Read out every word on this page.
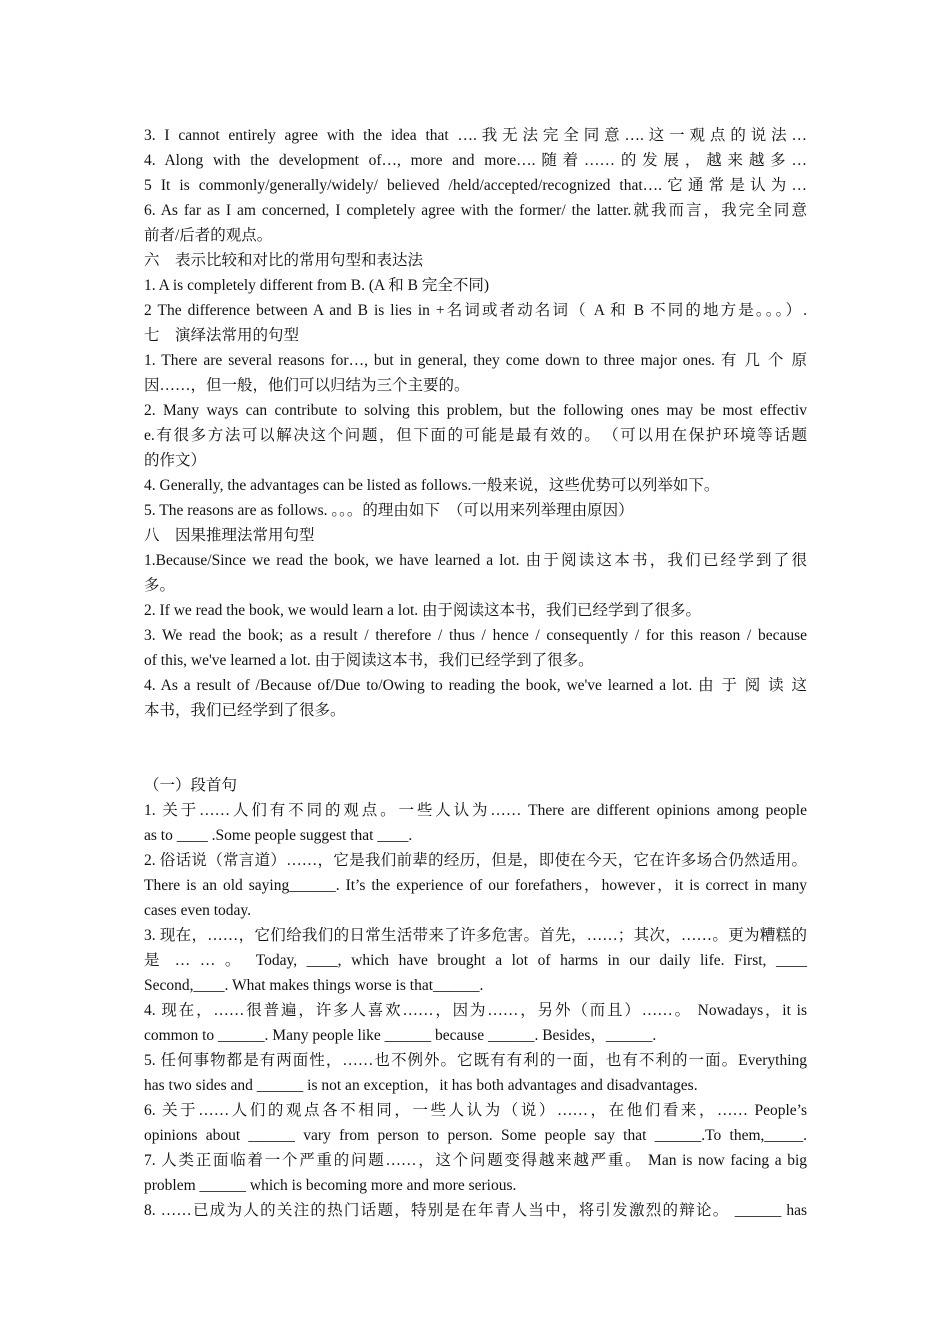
3. I cannot entirely agree with the idea that ….我无法完全同意….这一观点的说法…
4. Along with the development of…, more and more….随着……的发展，越来越多…
5 It is commonly/generally/widely/ believed /held/accepted/recognized that….它通常是认为…
6. As far as I am concerned, I completely agree with the former/ the latter.就我而言，我完全同意
前者/后者的观点。
六　表示比较和对比的常用句型和表达法
1. A is completely different from B. (A 和 B 完全不同)
2 The difference between A and B is lies in +名词或者动名词（ A 和 B 不同的地方是。。。）.
七　演绎法常用的句型
1. There are several reasons for…, but in general, they come down to three major ones. 有 几 个 原
因……，但一般，他们可以归结为三个主要的。
2. Many ways can contribute to solving this problem, but the following ones may be most effectiv
e.有很多方法可以解决这个问题，但下面的可能是最有效的。　（可以用在保护环境等话题
的作文）
4. Generally, the advantages can be listed as follows.一般来说，这些优势可以列举如下。
5. The reasons are as follows. 。。。的理由如下　（可以用来列举理由原因）
八　因果推理法常用句型
1.Because/Since we read the book, we have learned a lot. 由于阅读这本书，我们已经学到了很
多。
2. If we read the book, we would learn a lot. 由于阅读这本书，我们已经学到了很多。
3. We read the book; as a result / therefore / thus / hence / consequently / for this reason / because
of this, we've learned a lot. 由于阅读这本书，我们已经学到了很多。
4. As a result of /Because of/Due to/Owing to reading the book, we've learned a lot. 由 于 阅 读 这
本书，我们已经学到了很多。
（一）段首句
1. 关于……人们有不同的观点。一些人认为…… There are different opinions among people
as to ____ .Some people suggest that ____.
2. 俗话说（常言道）……，它是我们前辈的经历，但是，即使在今天，它在许多场合仍然适用。
There is an old saying______. It’s the experience of our forefathers，however，it is correct in many
cases even today.
3. 现在，……，它们给我们的日常生活带来了许多危害。首先，……；其次，……。更为糟糕的
是 … … 。 Today, ____, which have brought a lot of harms in our daily life. First, ____
Second,____. What makes things worse is that______.
4. 现在，……很普遍，许多人喜欢……，因为……，另外（而且）……。 Nowadays，it is
common to ______. Many people like ______ because ______. Besides，______.
5. 任何事物都是有两面性，……也不例外。它既有有利的一面，也有不利的一面。Everything
has two sides and ______ is not an exception，it has both advantages and disadvantages.
6. 关于……人们的观点各不相同，一些人认为（说）……，在他们看来，…… People’s
opinions about ______ vary from person to person. Some people say that ______.To them,_____.
7. 人类正面临着一个严重的问题……，这个问题变得越来越严重。 Man is now facing a big
problem ______ which is becoming more and more serious.
8. ……已成为人的关注的热门话题，特别是在年青人当中，将引发激烈的辩论。 ______ has
